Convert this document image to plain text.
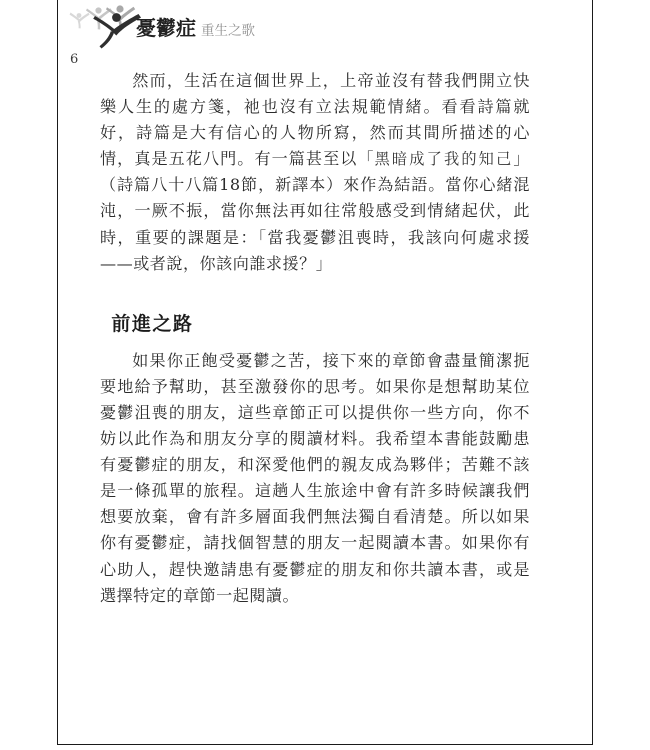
憂鬱症 重生之歌
6

然而，生活在這個世界上，上帝並沒有替我們開立快樂人生的處方箋，祂也沒有立法規範情緒。看看詩篇就好，詩篇是大有信心的人物所寫，然而其間所描述的心情，真是五花八門。有一篇甚至以「黑暗成了我的知己」（詩篇八十八篇18節，新譯本）來作為結語。當你心緒混沌，一厥不振，當你無法再如往常般感受到情緒起伏，此時，重要的課題是：「當我憂鬱沮喪時，我該向何處求援——或者說，你該向誰求援？」

前進之路

如果你正飽受憂鬱之苦，接下來的章節會盡量簡潔扼要地給予幫助，甚至激發你的思考。如果你是想幫助某位憂鬱沮喪的朋友，這些章節正可以提供你一些方向，你不妨以此作為和朋友分享的閱讀材料。我希望本書能鼓勵患有憂鬱症的朋友，和深愛他們的親友成為夥伴；苦難不該是一條孤單的旅程。這趟人生旅途中會有許多時候讓我們想要放棄，會有許多層面我們無法獨自看清楚。所以如果你有憂鬱症，請找個智慧的朋友一起閱讀本書。如果你有心助人，趕快邀請患有憂鬱症的朋友和你共讀本書，或是選擇特定的章節一起閱讀。
